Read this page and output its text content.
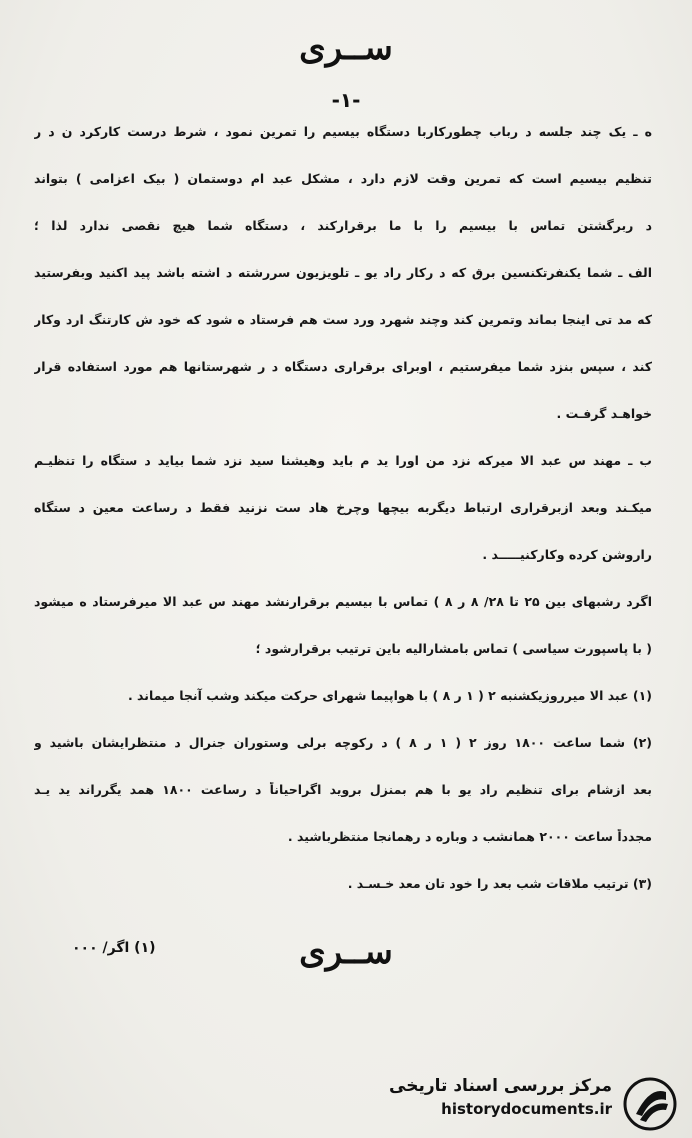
ســری
-۱-
ه ـ یک چند جلسه د رباب چطورکاربا دستگاه بیسیم را تمرین نمود ، شرط درست کارکرد ن د ر
تنظیم بیسیم است که تمرین وقت لازم دارد ، مشکل عبد ام دوستمان ( بیک اعزامی ) بتواند
د ربرگشتن تماس با بیسیم را با ما برقرارکند ، دستگاه شما هیچ نقصی ندارد لذا ؛
الف ـ شما یکنفرتکنسین برق که د رکار راد یو ـ تلویزیون سررشته د اشته باشد پید اکنید وبفرستید
که مد تی اینجا بماند وتمرین کند وچند شهرد ورد ست هم فرستاد ه شود که خود ش کارتنگ ارد وکار
کند ، سپس بنزد شما میفرستیم ، اوبرای برقراری دستگاه د ر شهرستانها هم مورد استفاده قرار
خواهـد گرفـت .
ب ـ مهند س عبد الا میرکه نزد من اورا ید م باید وهیشنا سید نزد شما بیاید د ستگاه را تنظیـم
میکـند وبعد ازبرقراری ارتباط دیگربه بیچها وچرخ هاد ست نزنید فقط د رساعت معین د ستگاه
راروشن کرده وکارکنیـــــد .
اگرد رشبهای بین ۲۵ تا ۲۸/ ۸ ر ۸ ) تماس با بیسیم برقرارنشد مهند س عبد الا میرفرستاد ه میشود
( با پاسپورت سیاسی ) تماس بامشارالیه باین ترتیب برقرارشود ؛
(۱) عبد الا میرروزیکشنبه ۲ ( ۱ ر ۸ ) با هواپیما شهرای حرکت میکند وشب آنجا میماند .
(۲) شما ساعت ۱۸۰۰ روز ۲ ( ۱ ر ۸ ) د رکوچه برلی وستوران جنرال د منتظرایشان باشید و
بعد ازشام برای تنظیم راد یو با هم بمنزل بروید اگراحیاناً د رساعت ۱۸۰۰ همد یگرراند ید یـد
مجدداً ساعت ۲۰۰۰ همانشب د وباره د رهمانجا منتظرباشید .
(۳) ترتیب ملاقات شب بعد را خود تان معد خـسـد .
ســری
(۱) اگر/ ۰۰۰
مرکز بررسی اسناد تاریخی
historydocuments.ir
